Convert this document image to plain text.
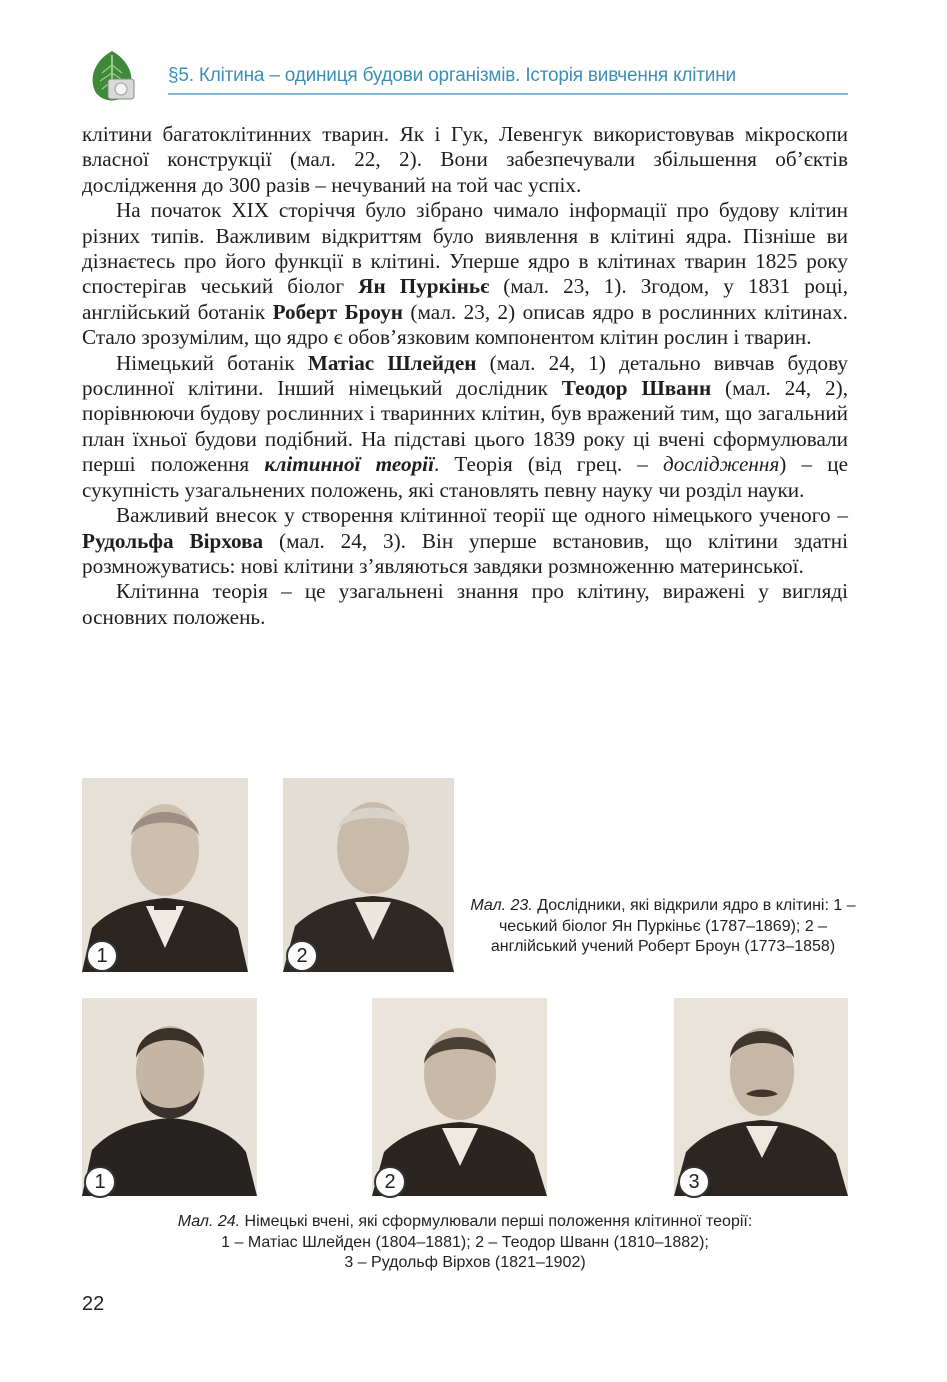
§5. Клітина – одиниця будови організмів. Історія вивчення клітини

клітини багатоклітинних тварин. Як і Гук, Левенгук використовував мікроскопи власної конструкції (мал. 22, 2). Вони забезпечували збільшення об’єктів дослідження до 300 разів – нечуваний на той час успіх.

На початок XIX сторіччя було зібрано чимало інформації про будову клітин різних типів. Важливим відкриттям було виявлення в клітині ядра. Пізніше ви дізнаєтесь про його функції в клітині. Уперше ядро в клітинах тварин 1825 року спостерігав чеський біолог Ян Пуркіньє (мал. 23, 1). Згодом, у 1831 році, англійський ботанік Роберт Броун (мал. 23, 2) описав ядро в рослинних клітинах. Стало зрозумілим, що ядро є обов’язковим компонентом клітин рослин і тварин.

Німецький ботанік Матіас Шлейден (мал. 24, 1) детально вивчав будову рослинної клітини. Інший німецький дослідник Теодор Шванн (мал. 24, 2), порівнюючи будову рослинних і тваринних клітин, був вражений тим, що загальний план їхньої будови подібний. На підставі цього 1839 року ці вчені сформулювали перші положення клітинної теорії. Теорія (від грец. – дослідження) – це сукупність узагальнених положень, які становлять певну науку чи розділ науки.

Важливий внесок у створення клітинної теорії ще одного німецького ученого – Рудольфа Вірхова (мал. 24, 3). Він уперше встановив, що клітини здатні розмножуватись: нові клітини з’являються завдяки розмноженню материнської.

Клітинна теорія – це узагальнені знання про клітину, виражені у вигляді основних положень.

1	2
Мал. 23. Дослідники, які відкрили ядро в клітині: 1 – чеський біолог Ян Пуркіньє (1787–1869); 2 – англійський учений Роберт Броун (1773–1858)
1	2	3
Мал. 24. Німецькі вчені, які сформулювали перші положення клітинної теорії:
1 – Матіас Шлейден (1804–1881); 2 – Теодор Шванн (1810–1882);
3 – Рудольф Вірхов (1821–1902)
22
